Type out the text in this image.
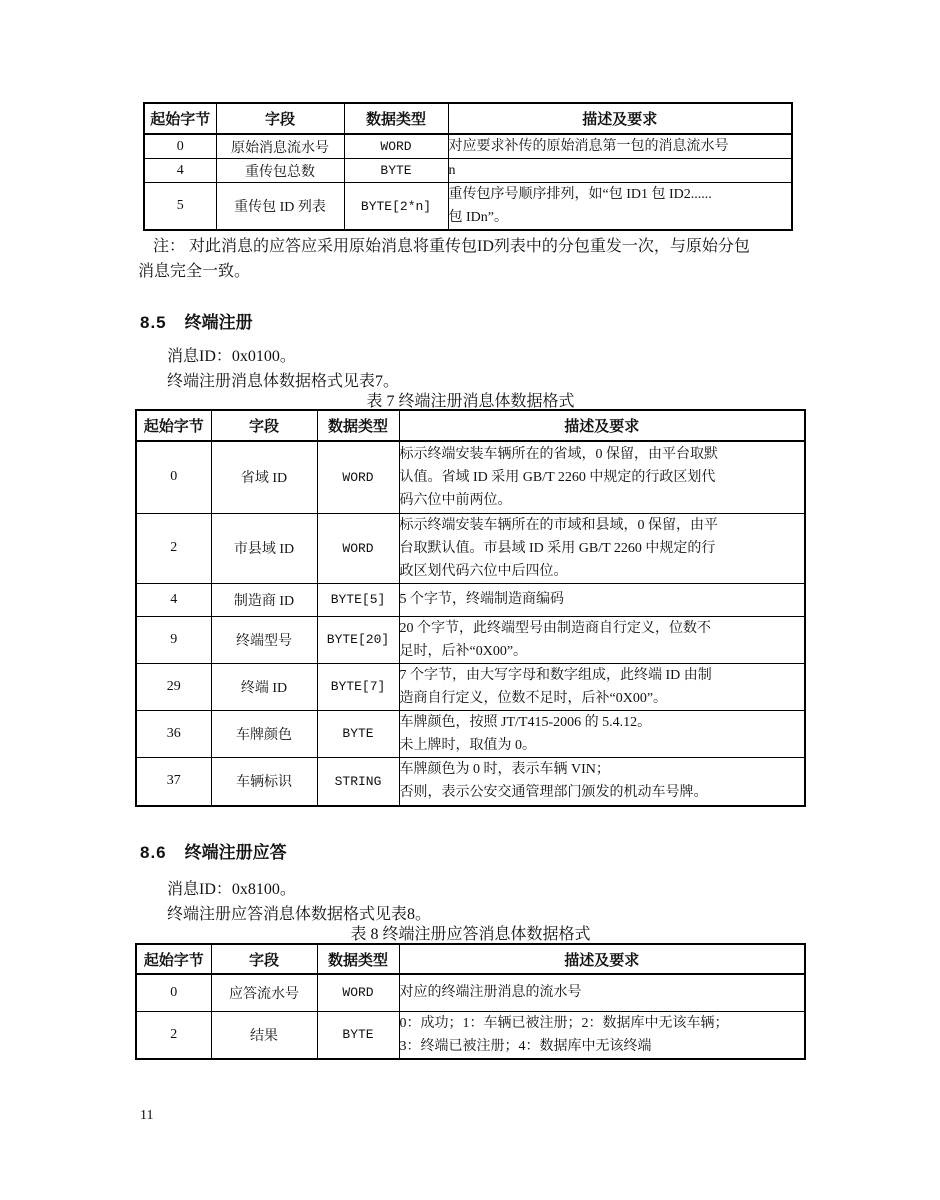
起始字节	字段	数据类型	描述及要求
0	原始消息流水号	WORD	对应要求补传的原始消息第一包的消息流水号

4	重传包总数	BYTE	n

5	重传包 ID 列表	BYTE[2*n]	重传包序号顺序排列，如“包 ID1 包 ID2......
包 IDn”。
注： 对此消息的应答应采用原始消息将重传包ID列表中的分包重发一次，与原始分包
消息完全一致。
8.5 终端注册
消息ID：0x0100。
终端注册消息体数据格式见表7。
表 7 终端注册消息体数据格式
起始字节	字段	数据类型	描述及要求
0	省域 ID	WORD	标示终端安装车辆所在的省域，0 保留，由平台取默
认值。省域 ID 采用 GB/T 2260 中规定的行政区划代
码六位中前两位。

2	市县域 ID	WORD	标示终端安装车辆所在的市域和县域，0 保留，由平
台取默认值。市县域 ID 采用 GB/T 2260 中规定的行
政区划代码六位中后四位。

4	制造商 ID	BYTE[5]	5 个字节，终端制造商编码

9	终端型号	BYTE[20]	20 个字节，此终端型号由制造商自行定义，位数不
足时，后补“0X00”。

29	终端 ID	BYTE[7]	7 个字节，由大写字母和数字组成，此终端 ID 由制
造商自行定义，位数不足时，后补“0X00”。

36	车牌颜色	BYTE	车牌颜色，按照 JT/T415-2006 的 5.4.12。
未上牌时，取值为 0。

37	车辆标识	STRING	车牌颜色为 0 时，表示车辆 VIN；
否则，表示公安交通管理部门颁发的机动车号牌。
8.6 终端注册应答
消息ID：0x8100。
终端注册应答消息体数据格式见表8。
表 8 终端注册应答消息体数据格式
起始字节	字段	数据类型	描述及要求
0	应答流水号	WORD	对应的终端注册消息的流水号

2	结果	BYTE	0：成功；1：车辆已被注册；2：数据库中无该车辆；
3：终端已被注册；4：数据库中无该终端
11
